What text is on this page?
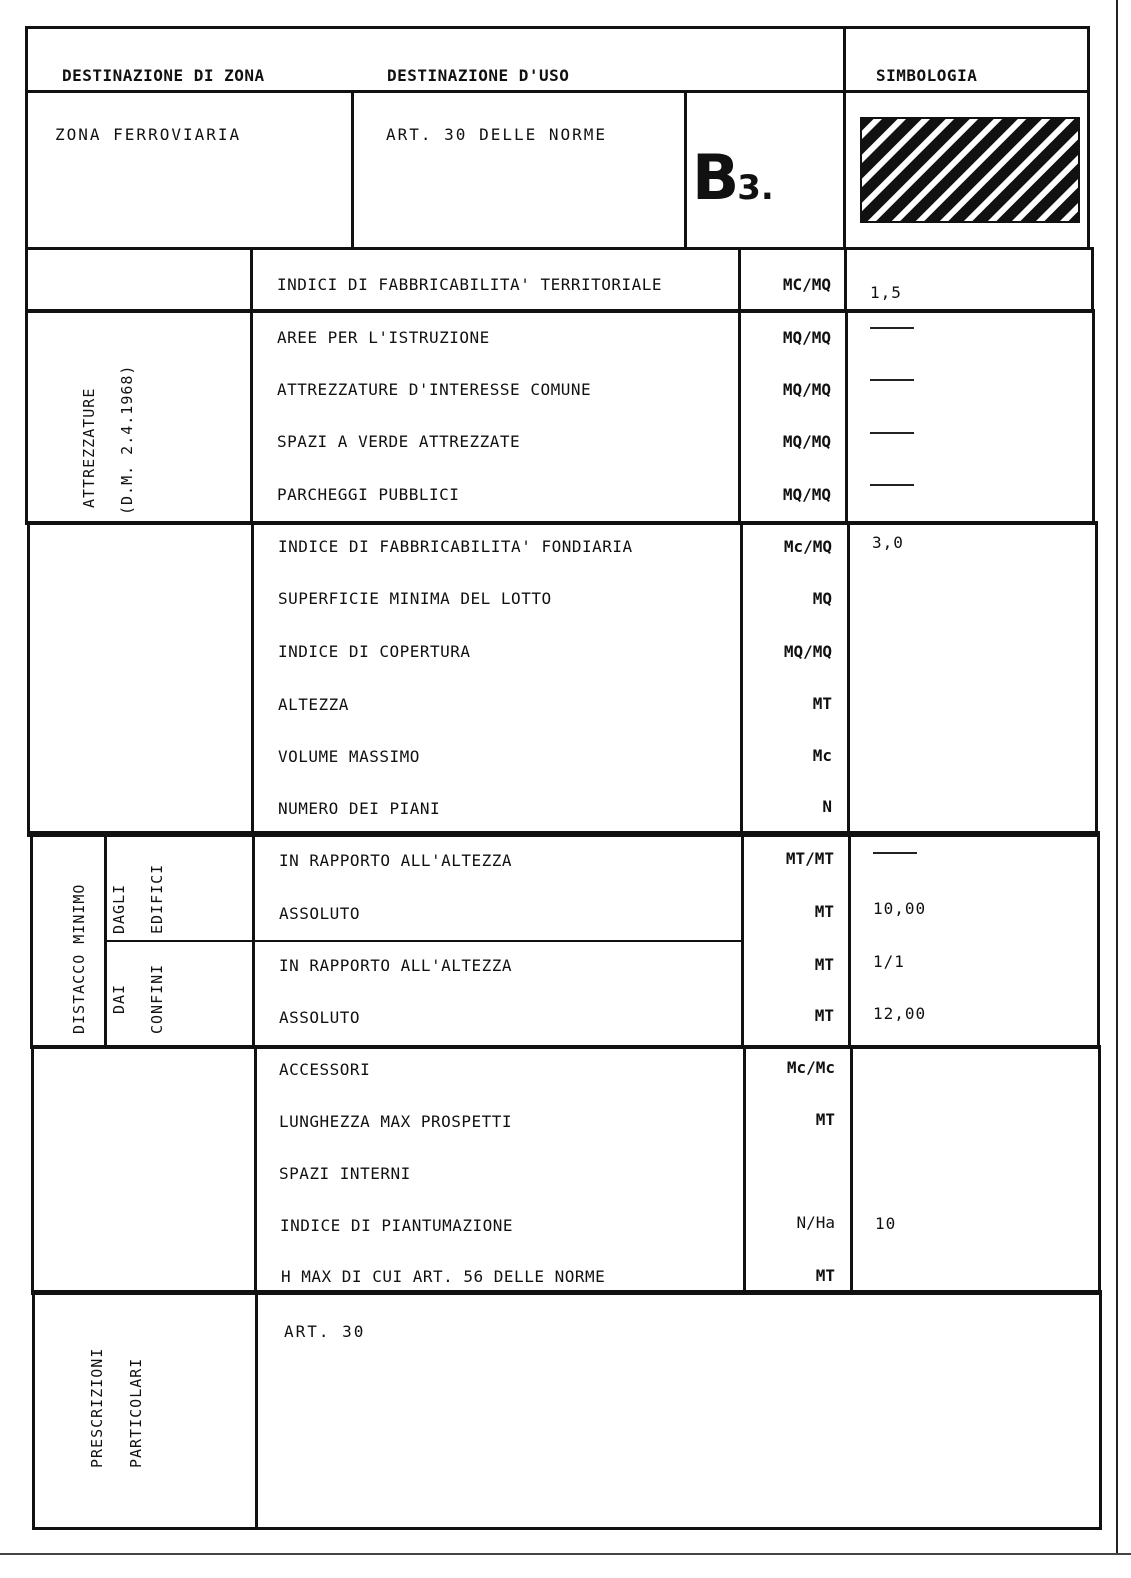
DESTINAZIONE DI ZONA	DESTINAZIONE D'USO	SIMBOLOGIA
ZONA FERROVIARIA	ART. 30 DELLE NORME
B3.
INDICI DI FABBRICABILITA' TERRITORIALE	MC/MQ 1,5
ATTREZZATURE (D.M. 2.4.1968)
AREE PER L'ISTRUZIONE	MQ/MQ
ATTREZZATURE D'INTERESSE COMUNE	MQ/MQ
SPAZI A VERDE ATTREZZATE	MQ/MQ
PARCHEGGI PUBBLICI	MQ/MQ
INDICE DI FABBRICABILITA' FONDIARIA	Mc/MQ	3,0
SUPERFICIE MINIMA DEL LOTTO	MQ
INDICE DI COPERTURA	MQ/MQ
ALTEZZA	MT
VOLUME MASSIMO	Mc
NUMERO DEI PIANI	N
DISTACCO MINIMO DAGLI EDIFICI
DAI CONFINI
IN RAPPORTO ALL'ALTEZZA	MT/MT
ASSOLUTO	MT 10,00
IN RAPPORTO ALL'ALTEZZA	MT 1/1
ASSOLUTO	MT 12,00
ACCESSORI	Mc/Mc
LUNGHEZZA MAX PROSPETTI	MT
SPAZI INTERNI
INDICE DI PIANTUMAZIONE	N/Ha	10
H MAX DI CUI ART. 56 DELLE NORME	MT
PRESCRIZIONI PARTICOLARI
ART. 30
